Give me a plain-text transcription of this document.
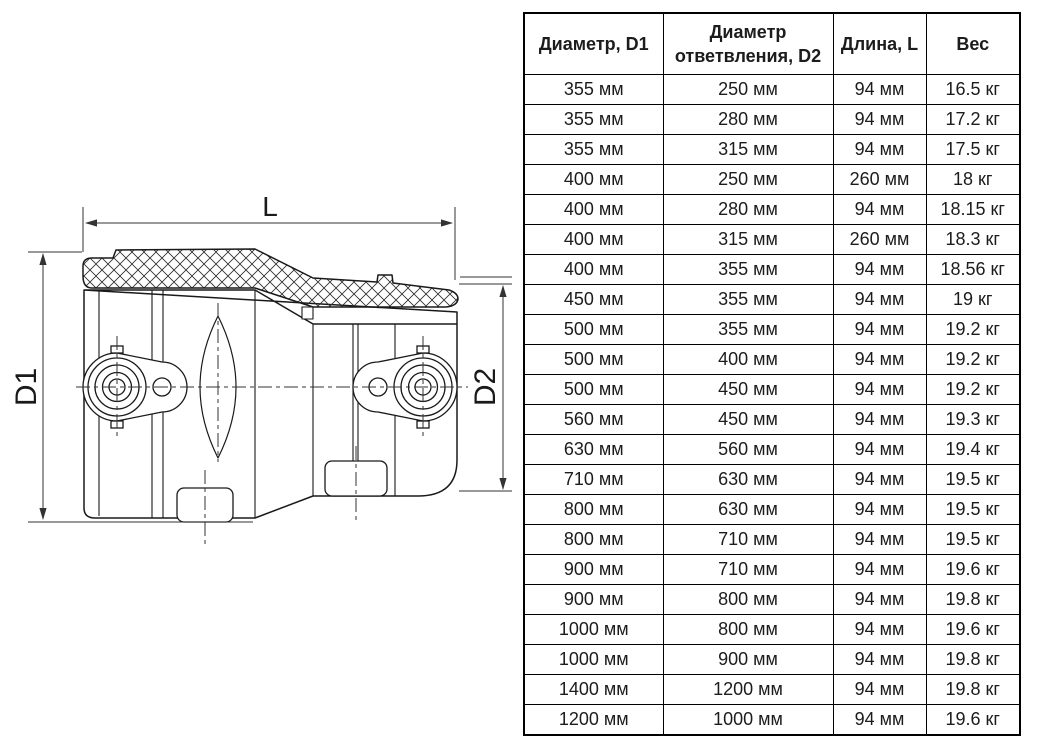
L
D1	D2
Диаметр, D1	Диаметр ответвления, D2	Длина, L	Вес
355 мм	250 мм	94 мм	16.5 кг
355 мм	280 мм	94 мм	17.2 кг
355 мм	315 мм	94 мм	17.5 кг
400 мм	250 мм	260 мм	18 кг
400 мм	280 мм	94 мм	18.15 кг
400 мм	315 мм	260 мм	18.3 кг
400 мм	355 мм	94 мм	18.56 кг
450 мм	355 мм	94 мм	19 кг
500 мм	355 мм	94 мм	19.2 кг
500 мм	400 мм	94 мм	19.2 кг
500 мм	450 мм	94 мм	19.2 кг
560 мм	450 мм	94 мм	19.3 кг
630 мм	560 мм	94 мм	19.4 кг
710 мм	630 мм	94 мм	19.5 кг
800 мм	630 мм	94 мм	19.5 кг
800 мм	710 мм	94 мм	19.5 кг
900 мм	710 мм	94 мм	19.6 кг
900 мм	800 мм	94 мм	19.8 кг
1000 мм	800 мм	94 мм	19.6 кг
1000 мм	900 мм	94 мм	19.8 кг
1400 мм	1200 мм	94 мм	19.8 кг
1200 мм	1000 мм	94 мм	19.6 кг
